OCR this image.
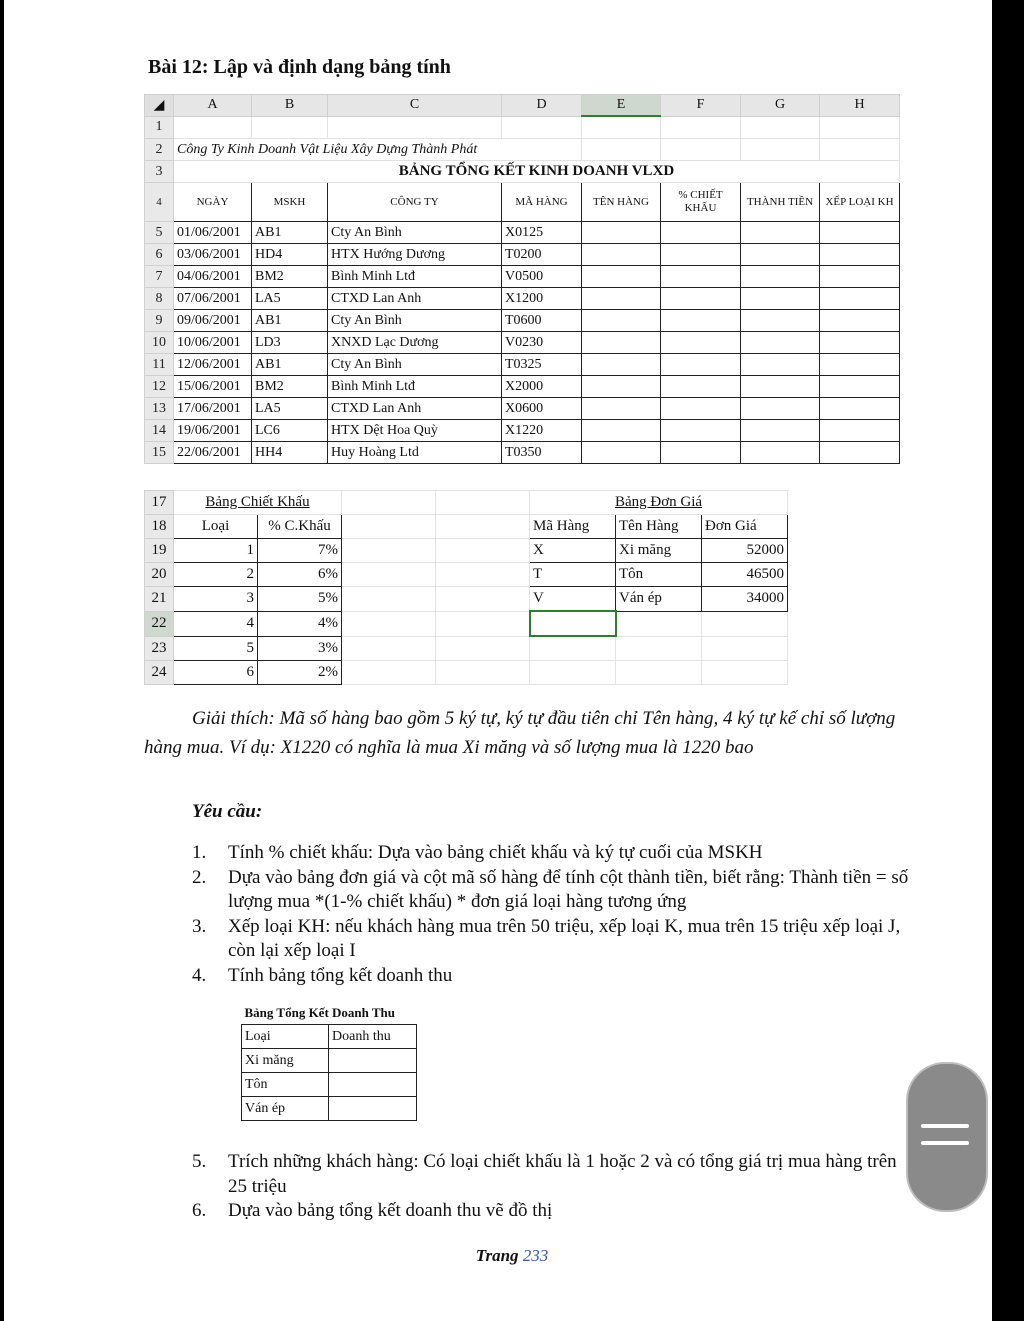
Bài 12: Lập và định dạng bảng tính
◢	A	B	C	D	E	F	G	H
1								
2	Công Ty Kinh Doanh Vật Liệu Xây Dựng Thành Phát							
3	BẢNG TỔNG KẾT KINH DOANH VLXD							
4	NGÀY	MSKH	CÔNG TY	MÃ HÀNG	TÊN HÀNG	% CHIẾT KHẤU	THÀNH TIỀN	XẾP LOẠI KH
5	01/06/2001	AB1	Cty An Bình	X0125				
6	03/06/2001	HD4	HTX Hướng Dương	T0200				
7	04/06/2001	BM2	Bình Minh Ltđ	V0500				
8	07/06/2001	LA5	CTXD Lan Anh	X1200				
9	09/06/2001	AB1	Cty An Bình	T0600				
10	10/06/2001	LD3	XNXD Lạc Dương	V0230				
11	12/06/2001	AB1	Cty An Bình	T0325				
12	15/06/2001	BM2	Bình Minh Ltđ	X2000				
13	17/06/2001	LA5	CTXD Lan Anh	X0600				
14	19/06/2001	LC6	HTX Dệt Hoa Quỳ	X1220				
15	22/06/2001	HH4	Huy Hoàng Ltd	T0350				
17	Bảng Chiết Khấu				Bảng Đơn Giá		
18	Loại	% C.Khấu			Mã Hàng	Tên Hàng	Đơn Giá
19	1	7%			X	Xi măng	52000
20	2	6%			T	Tôn	46500
21	3	5%			V	Ván ép	34000
22	4	4%					
23	5	3%					
24	6	2%					
Giải thích: Mã số hàng bao gồm 5 ký tự, ký tự đầu tiên chỉ Tên hàng, 4 ký tự kế chỉ số lượng hàng mua. Ví dụ: X1220 có nghĩa là mua Xi măng và số lượng mua là 1220 bao
Yêu cầu:
1. Tính % chiết khấu: Dựa vào bảng chiết khấu và ký tự cuối của MSKH
2. Dựa vào bảng đơn giá và cột mã số hàng để tính cột thành tiền, biết rằng: Thành tiền = số lượng mua *(1-% chiết khấu) * đơn giá loại hàng tương ứng
3. Xếp loại KH: nếu khách hàng mua trên 50 triệu, xếp loại K, mua trên 15 triệu xếp loại J, còn lại xếp loại I
4. Tính bảng tổng kết doanh thu
Bảng Tổng Kết Doanh Thu	
Loại	Doanh thu
Xi măng	
Tôn	
Ván ép	
5. Trích những khách hàng: Có loại chiết khấu là 1 hoặc 2 và có tổng giá trị mua hàng trên 25 triệu
6. Dựa vào bảng tổng kết doanh thu vẽ đồ thị
Trang 233
